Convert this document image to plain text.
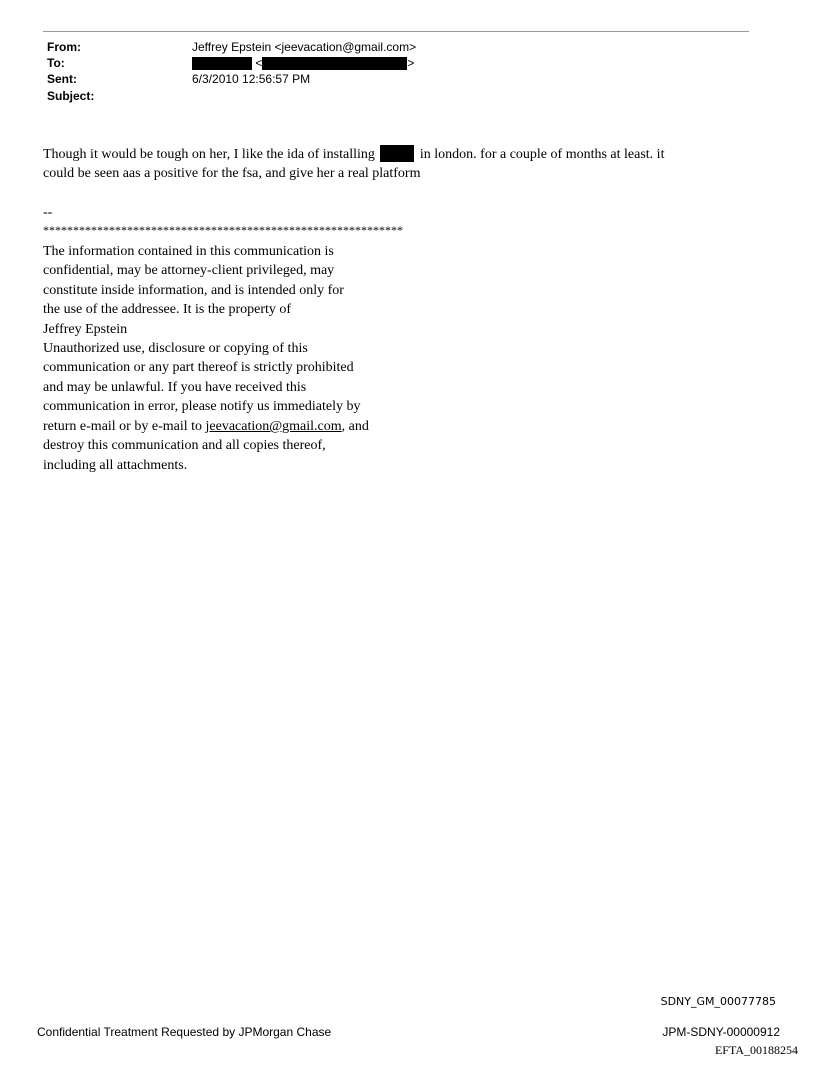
From:	Jeffrey Epstein <jeevacation@gmail.com>
To:	<	>
Sent:	6/3/2010 12:56:57 PM
Subject:
Though it would be tough on her, I like the ida of installing	in london. for a couple of months at least. it
could be seen aas a positive for the fsa, and give her a real platform
--
************************************************************
The information contained in this communication is
confidential, may be attorney-client privileged, may
constitute inside information, and is intended only for
the use of the addressee. It is the property of
Jeffrey Epstein
Unauthorized use, disclosure or copying of this
communication or any part thereof is strictly prohibited
and may be unlawful. If you have received this
communication in error, please notify us immediately by
return e-mail or by e-mail to jeevacation@gmail.com, and
destroy this communication and all copies thereof,
including all attachments.
SDNY_GM_00077785
Confidential Treatment Requested by JPMorgan Chase	JPM-SDNY-00000912
EFTA_00188254
